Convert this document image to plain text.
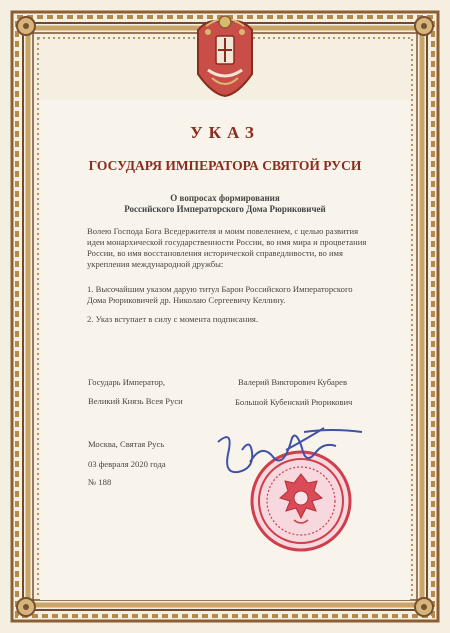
УКАЗ
ГОСУДАРЯ ИМПЕРАТОРА СВЯТОЙ РУСИ
О вопросах формирования
Российского Императорского Дома Рюриковичей
Волею Господа Бога Вседержителя и моим повелением, с целью развития
идеи монархической государственности России, во имя мира и процветания
России, во имя восстановления исторической справедливости, во имя
укрепления международной дружбы:
1. Высочайшим указом дарую титул Барон Российского Императорского
Дома Рюриковичей др. Николаю Сергеевичу Келлину.
2. Указ вступает в силу с момента подписания.
Государь Император,
Великий Князь Всея Руси
Валерий Викторович Кубарев
Большой Кубенский Рюрикович
Москва, Святая Русь
03 февраля 2020 года
№ 188
